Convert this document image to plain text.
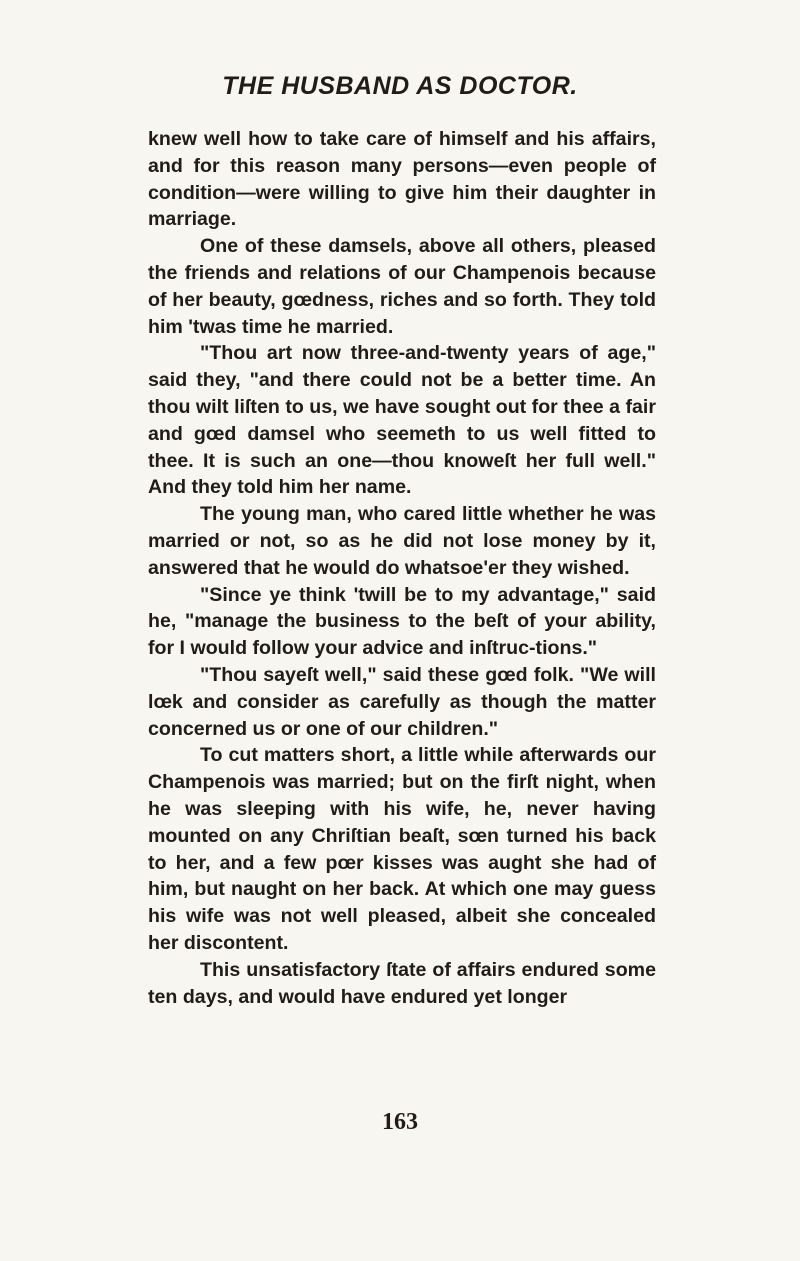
THE HUSBAND AS DOCTOR.

knew well how to take care of himself and his affairs, and for this reason many persons—even people of condition—were willing to give him their daughter in marriage.

One of these damsels, above all others, pleased the friends and relations of our Champenois because of her beauty, gœdness, riches and so forth. They told him 'twas time he married.

"Thou art now three-and-twenty years of age," said they, "and there could not be a better time. An thou wilt liſten to us, we have sought out for thee a fair and gœd damsel who seemeth to us well fitted to thee. It is such an one—thou knoweſt her full well." And they told him her name.

The young man, who cared little whether he was married or not, so as he did not lose money by it, answered that he would do whatsoe'er they wished.

"Since ye think 'twill be to my advantage," said he, "manage the business to the beſt of your ability, for I would follow your advice and inſtruc-tions."

"Thou sayeſt well," said these gœd folk. "We will lœk and consider as carefully as though the matter concerned us or one of our children."

To cut matters short, a little while afterwards our Champenois was married; but on the firſt night, when he was sleeping with his wife, he, never having mounted on any Chriſtian beaſt, sœn turned his back to her, and a few pœr kisses was aught she had of him, but naught on her back. At which one may guess his wife was not well pleased, albeit she concealed her discontent.

This unsatisfactory ſtate of affairs endured some ten days, and would have endured yet longer

163
